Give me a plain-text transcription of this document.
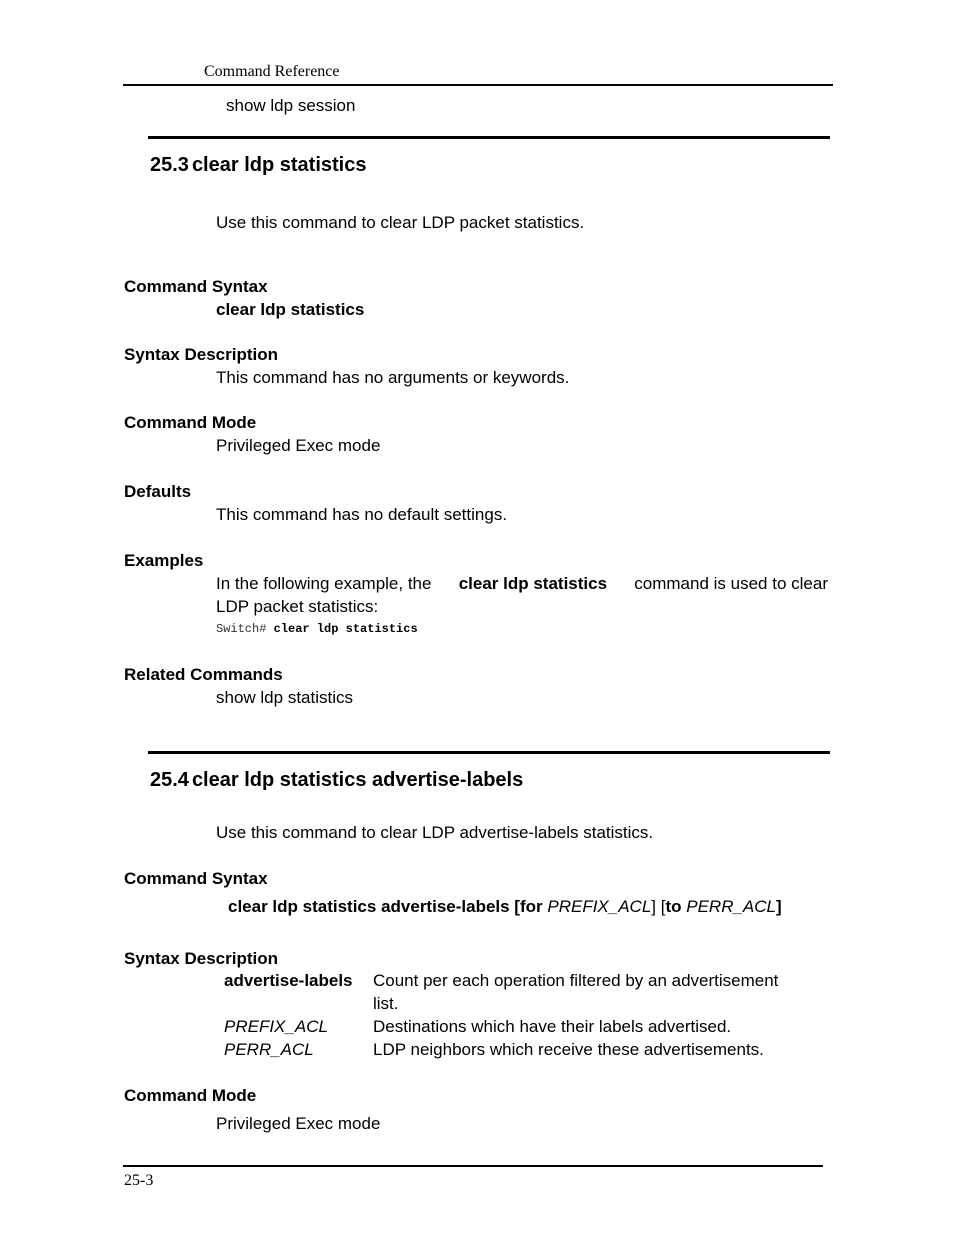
Command Reference
show ldp session
25.3 clear ldp statistics
Use this command to clear LDP packet statistics.
Command Syntax
clear ldp statistics
Syntax Description
This command has no arguments or keywords.
Command Mode
Privileged Exec mode
Defaults
This command has no default settings.
Examples
In the following example, the clear ldp statistics command is used to clear
LDP packet statistics:
Switch# clear ldp statistics
Related Commands
show ldp statistics
25.4 clear ldp statistics advertise-labels
Use this command to clear LDP advertise-labels statistics.
Command Syntax
clear ldp statistics advertise-labels [for PREFIX_ACL] [to PERR_ACL]
Syntax Description
advertise-labels Count per each operation filtered by an advertisement
list.
PREFIX_ACL	Destinations which have their labels advertised.
PERR_ACL	LDP neighbors which receive these advertisements.
Command Mode
Privileged Exec mode
25-3
